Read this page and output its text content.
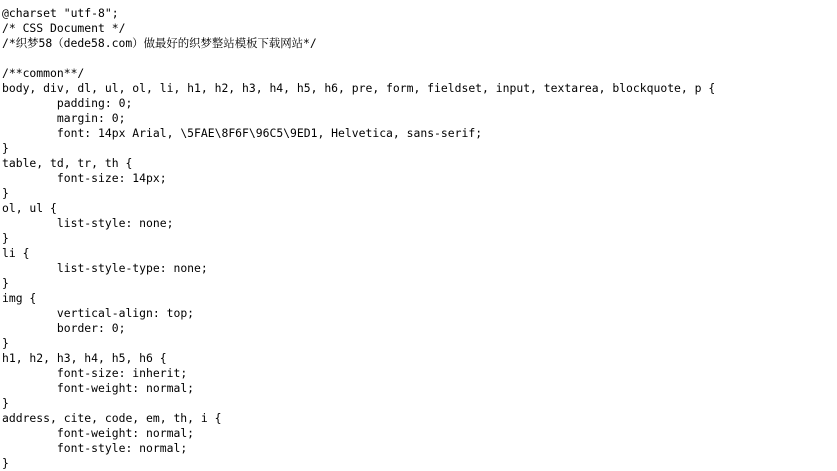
@charset "utf-8";
/* CSS Document */
/*织梦58（dede58.com）做最好的织梦整站模板下载网站*/
/**common**/
body, div, dl, ul, ol, li, h1, h2, h3, h4, h5, h6, pre, form, fieldset, input, textarea, blockquote, p {
	padding: 0;
	margin: 0;
	font: 14px Arial, \5FAE\8F6F\96C5\9ED1, Helvetica, sans-serif;
}
table, td, tr, th {
	font-size: 14px;
}
ol, ul {
	list-style: none;
}
li {
	list-style-type: none;
}
img {
	vertical-align: top;
	border: 0;
}
h1, h2, h3, h4, h5, h6 {
	font-size: inherit;
	font-weight: normal;
}
address, cite, code, em, th, i {
	font-weight: normal;
	font-style: normal;
}
